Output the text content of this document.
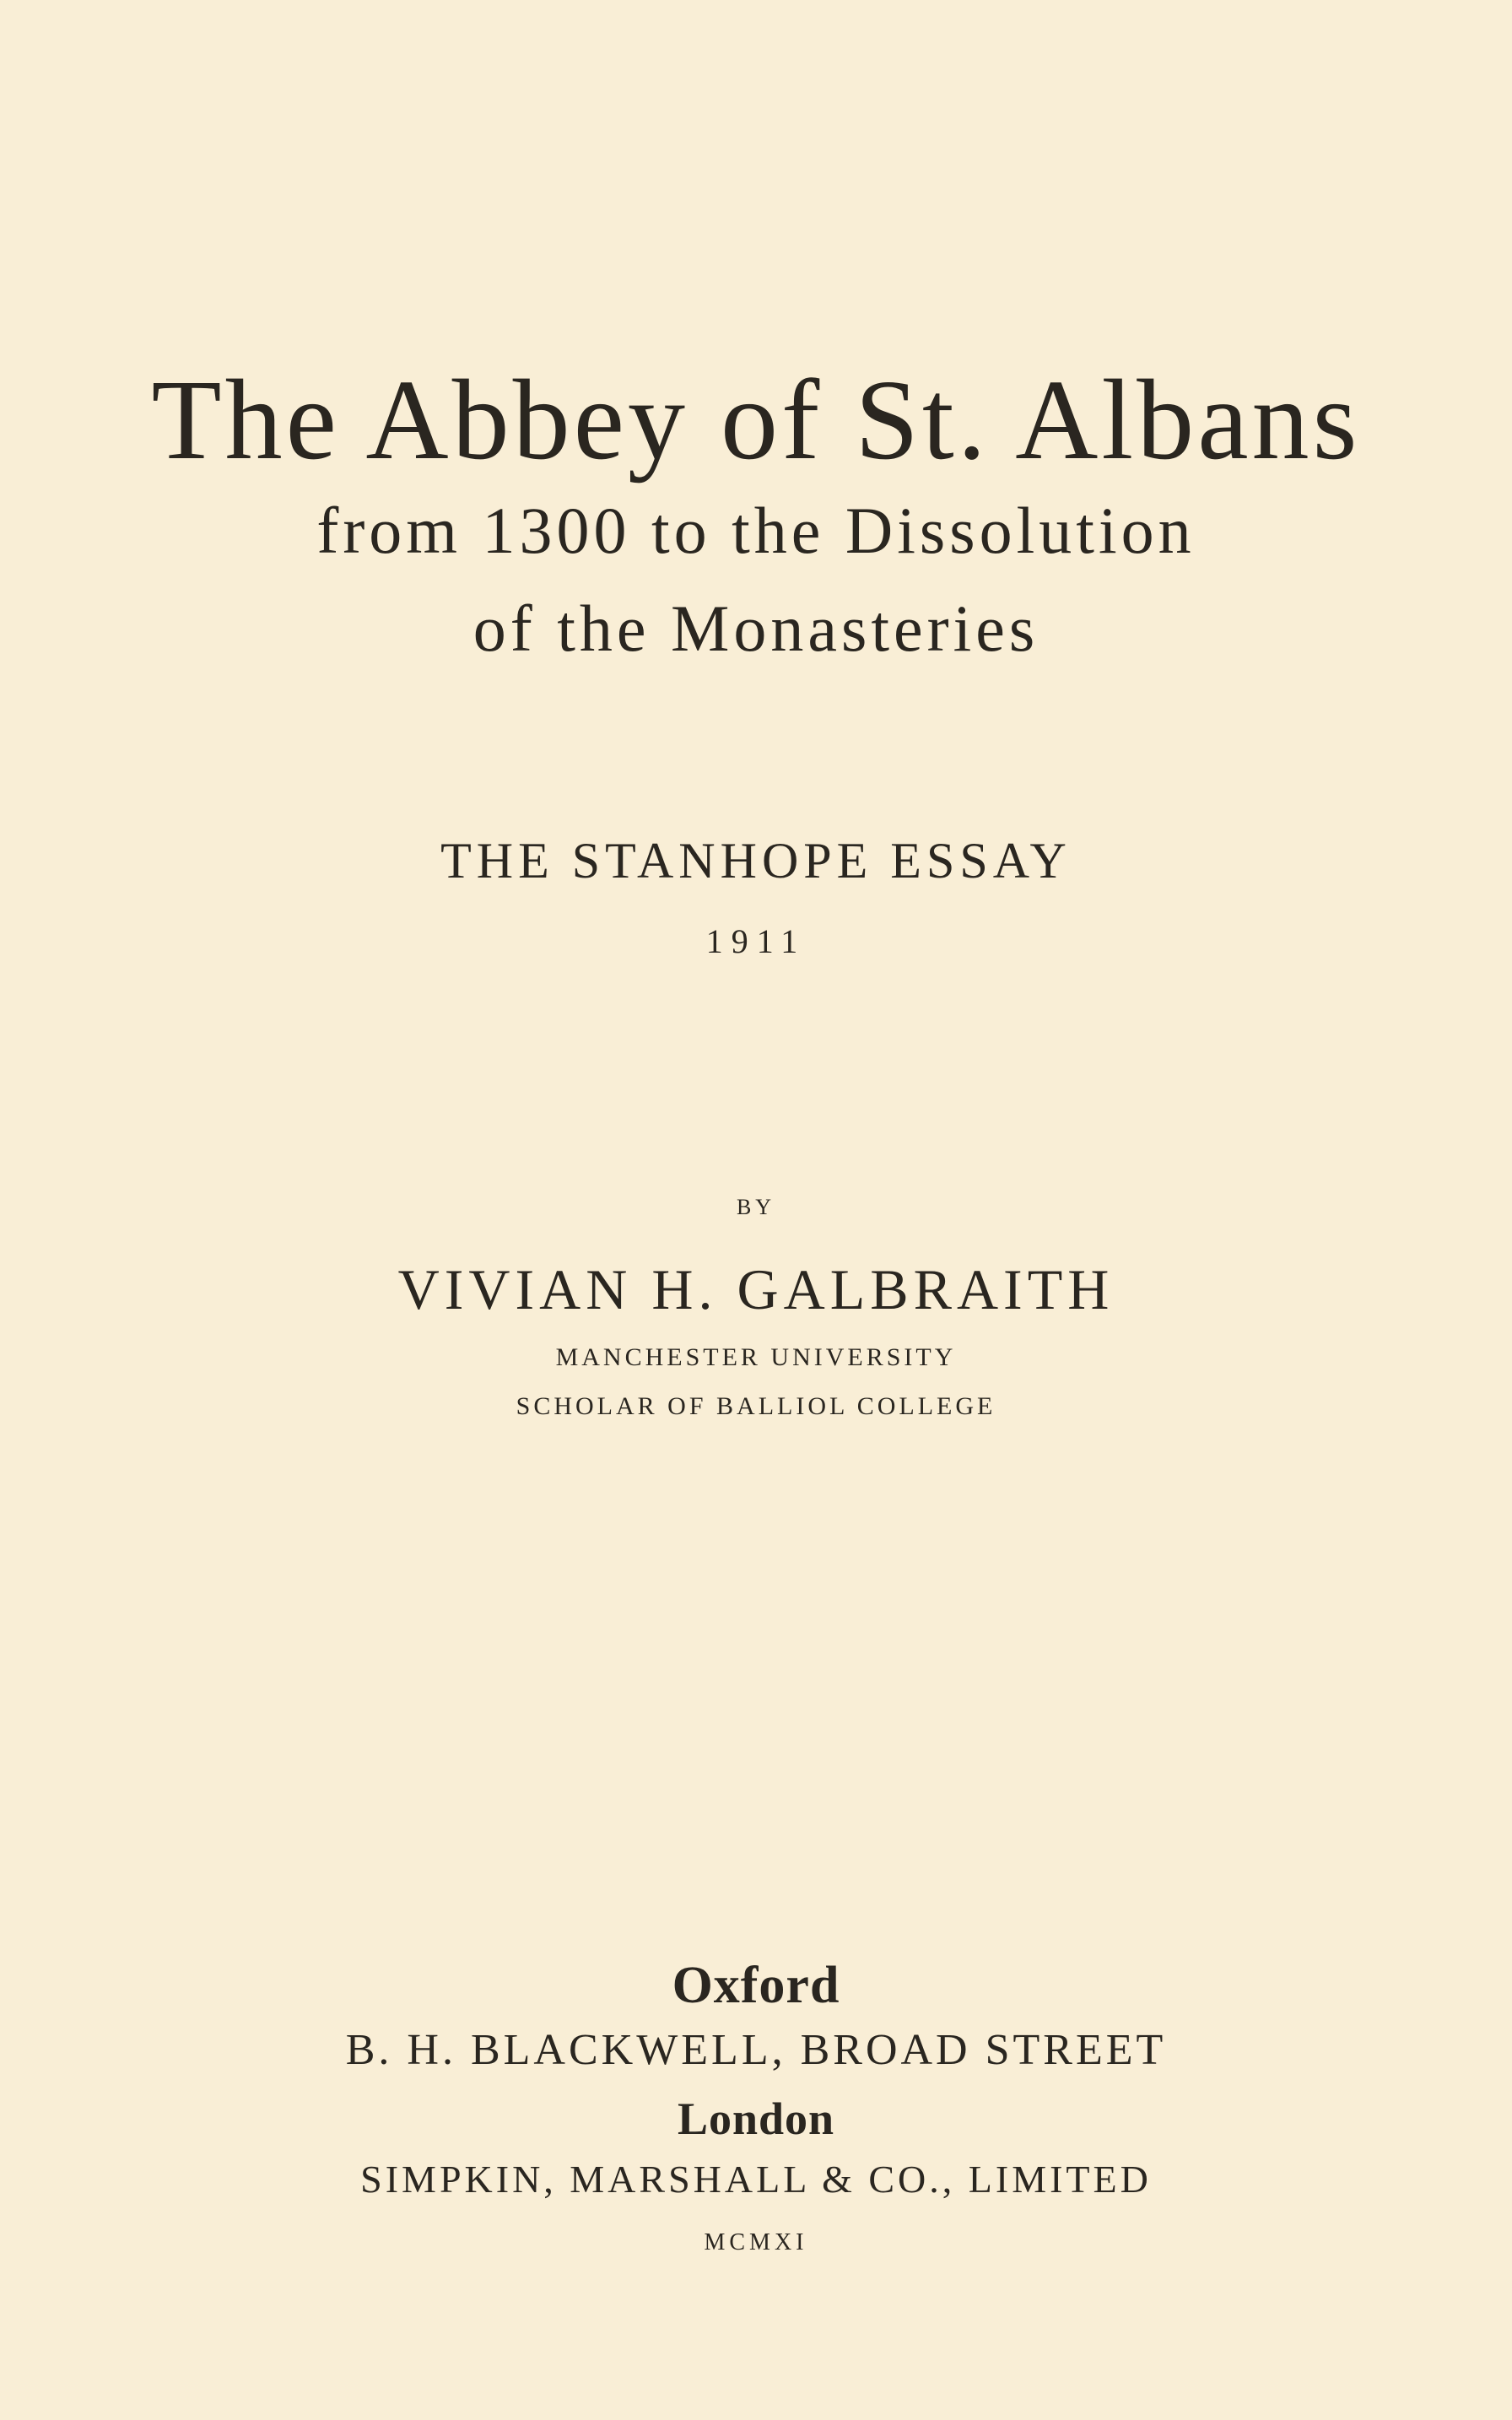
The Abbey of St. Albans
from 1300 to the Dissolution
of the Monasteries
THE STANHOPE ESSAY
1911
BY
VIVIAN H. GALBRAITH
MANCHESTER UNIVERSITY
SCHOLAR OF BALLIOL COLLEGE
Oxford
B. H. BLACKWELL, BROAD STREET
London
SIMPKIN, MARSHALL & CO., LIMITED
MCMXI
